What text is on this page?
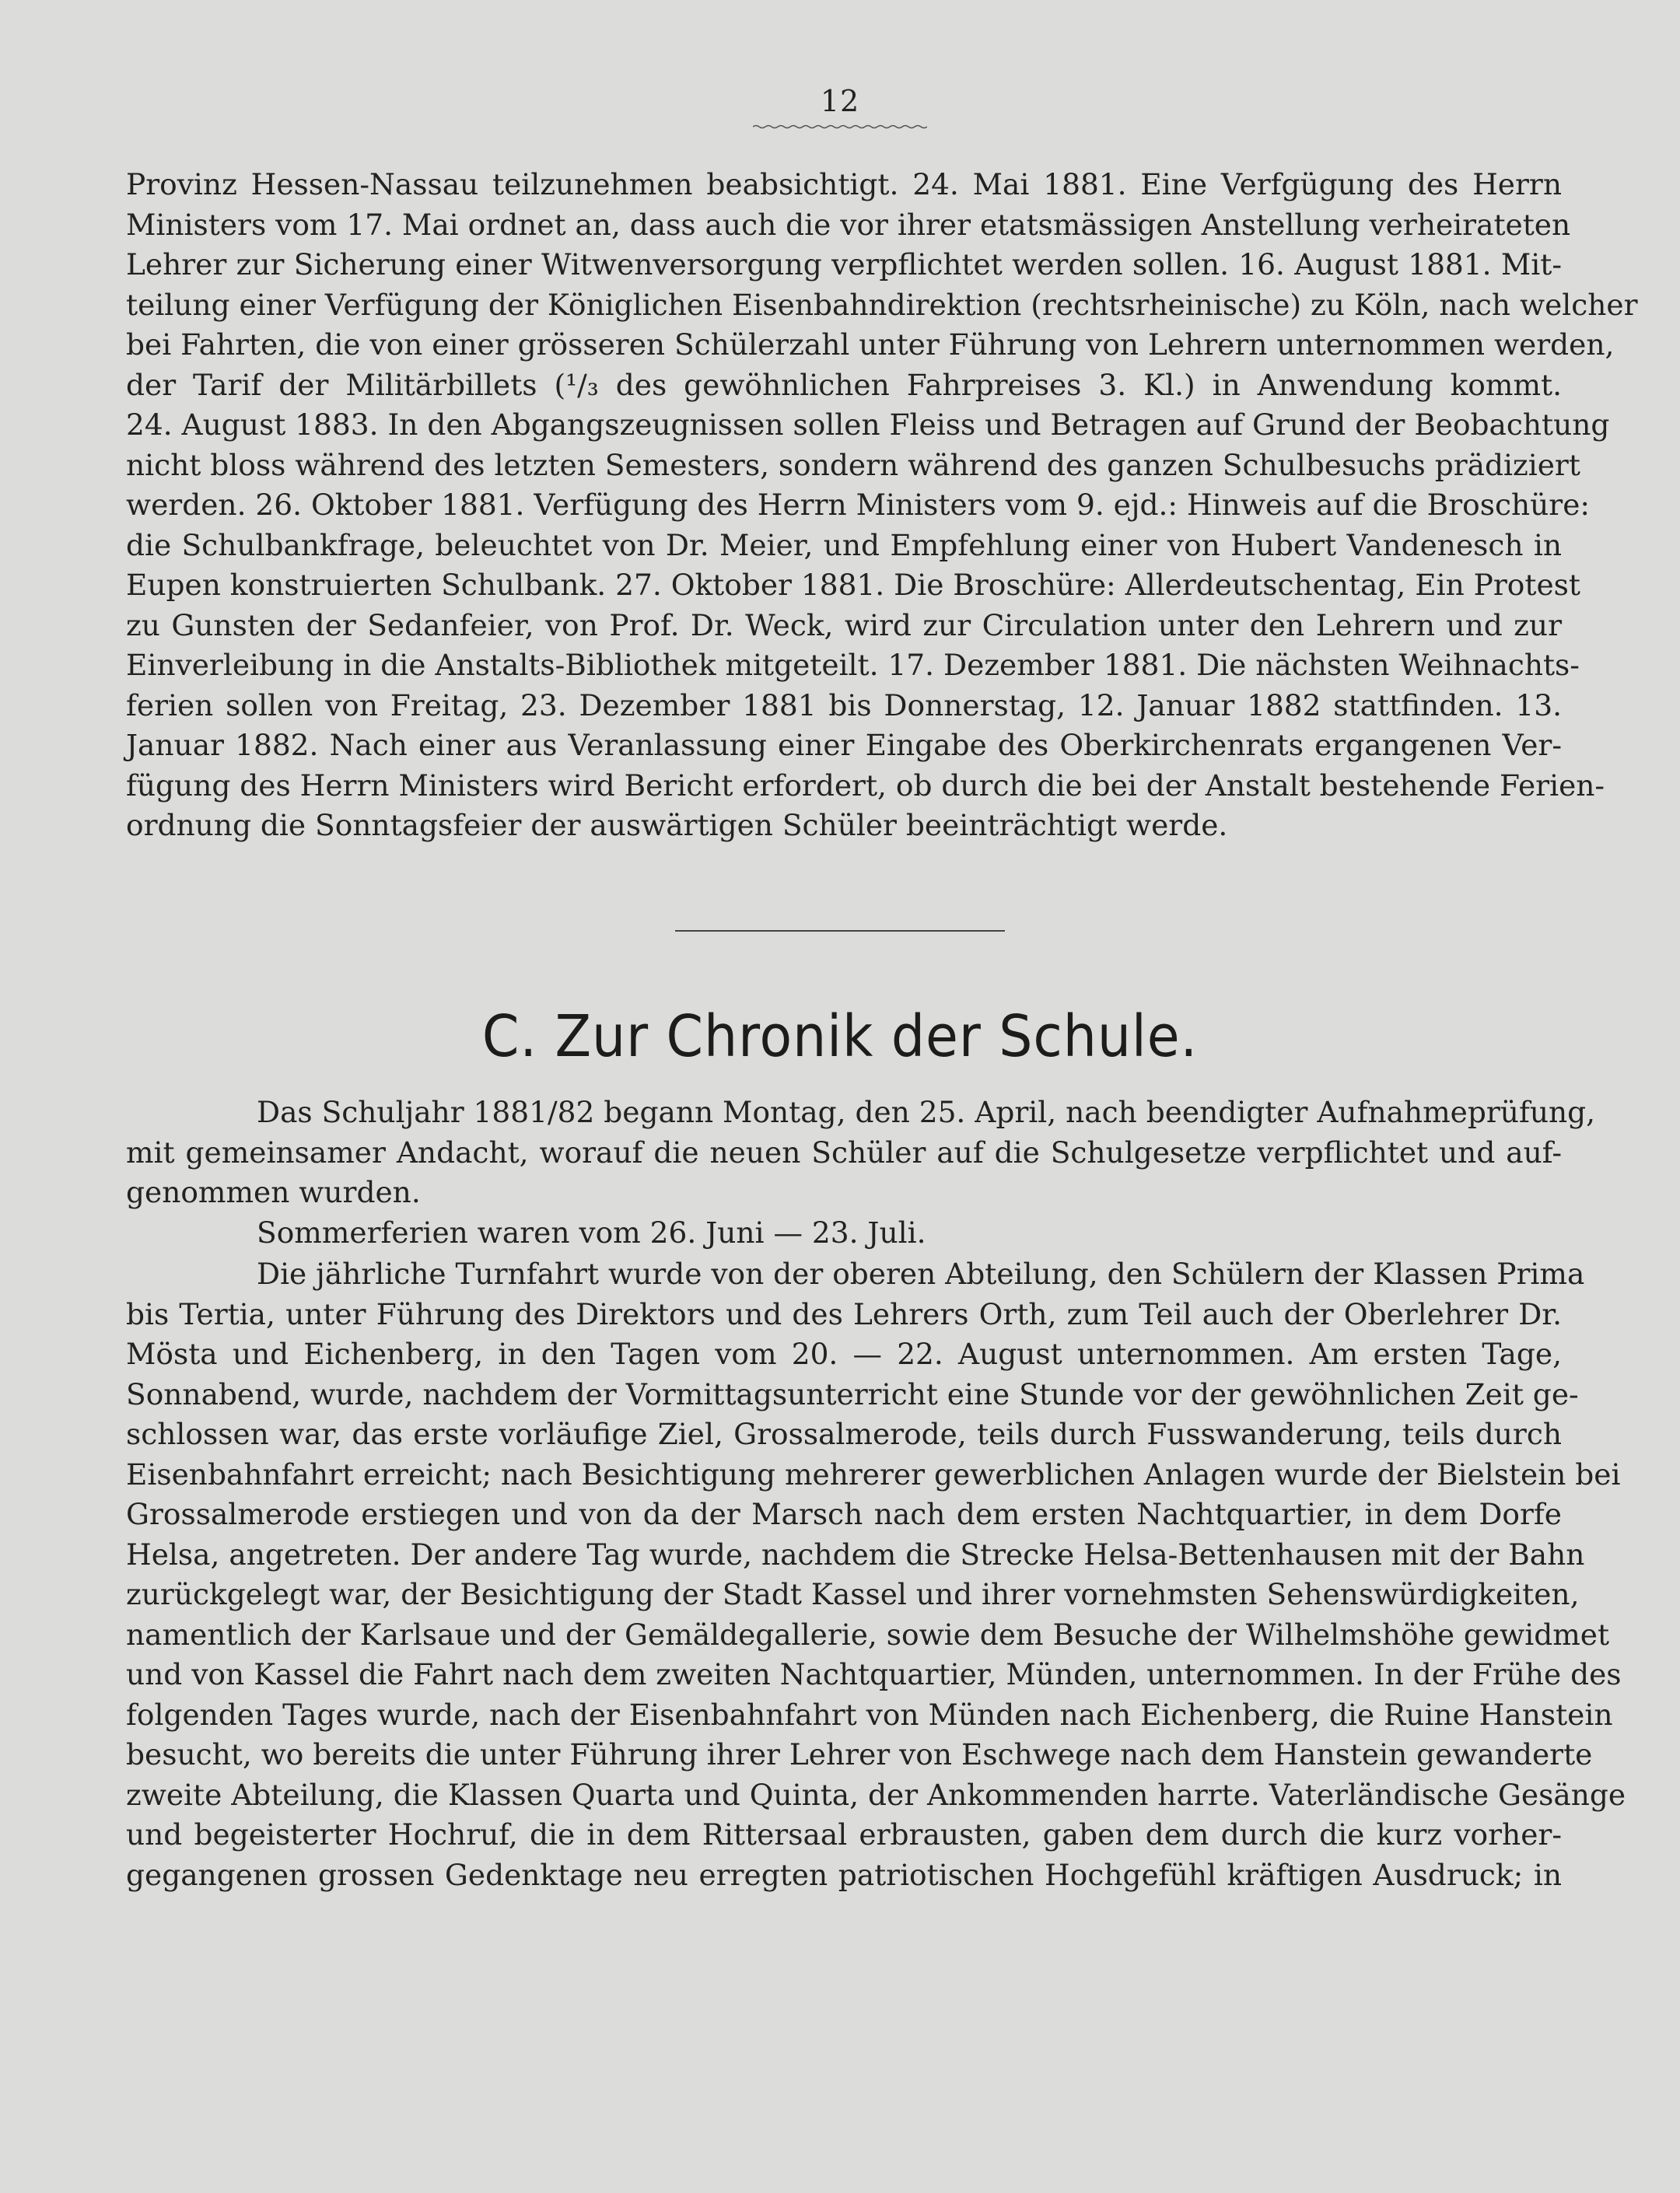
12
Provinz Hessen-Nassau teilzunehmen beabsichtigt. 24. Mai 1881. Eine Verfgügung des Herrn
Ministers vom 17. Mai ordnet an, dass auch die vor ihrer etatsmässigen Anstellung verheirateten
Lehrer zur Sicherung einer Witwenversorgung verpflichtet werden sollen. 16. August 1881. Mit-
teilung einer Verfügung der Königlichen Eisenbahndirektion (rechtsrheinische) zu Köln, nach welcher
bei Fahrten, die von einer grösseren Schülerzahl unter Führung von Lehrern unternommen werden,
der Tarif der Militärbillets (¹/₃ des gewöhnlichen Fahrpreises 3. Kl.) in Anwendung kommt.
24. August 1883. In den Abgangszeugnissen sollen Fleiss und Betragen auf Grund der Beobachtung
nicht bloss während des letzten Semesters, sondern während des ganzen Schulbesuchs prädiziert
werden. 26. Oktober 1881. Verfügung des Herrn Ministers vom 9. ejd.: Hinweis auf die Broschüre:
die Schulbankfrage, beleuchtet von Dr. Meier, und Empfehlung einer von Hubert Vandenesch in
Eupen konstruierten Schulbank. 27. Oktober 1881. Die Broschüre: Allerdeutschentag, Ein Protest
zu Gunsten der Sedanfeier, von Prof. Dr. Weck, wird zur Circulation unter den Lehrern und zur
Einverleibung in die Anstalts-Bibliothek mitgeteilt. 17. Dezember 1881. Die nächsten Weihnachts-
ferien sollen von Freitag, 23. Dezember 1881 bis Donnerstag, 12. Januar 1882 stattfinden. 13.
Januar 1882. Nach einer aus Veranlassung einer Eingabe des Oberkirchenrats ergangenen Ver-
fügung des Herrn Ministers wird Bericht erfordert, ob durch die bei der Anstalt bestehende Ferien-
ordnung die Sonntagsfeier der auswärtigen Schüler beeinträchtigt werde.
C. Zur Chronik der Schule.
Das Schuljahr 1881/82 begann Montag, den 25. April, nach beendigter Aufnahmeprüfung,
mit gemeinsamer Andacht, worauf die neuen Schüler auf die Schulgesetze verpflichtet und auf-
genommen wurden.
Sommerferien waren vom 26. Juni — 23. Juli.
Die jährliche Turnfahrt wurde von der oberen Abteilung, den Schülern der Klassen Prima
bis Tertia, unter Führung des Direktors und des Lehrers Orth, zum Teil auch der Oberlehrer Dr.
Mösta und Eichenberg, in den Tagen vom 20. — 22. August unternommen. Am ersten Tage,
Sonnabend, wurde, nachdem der Vormittagsunterricht eine Stunde vor der gewöhnlichen Zeit ge-
schlossen war, das erste vorläufige Ziel, Grossalmerode, teils durch Fusswanderung, teils durch
Eisenbahnfahrt erreicht; nach Besichtigung mehrerer gewerblichen Anlagen wurde der Bielstein bei
Grossalmerode erstiegen und von da der Marsch nach dem ersten Nachtquartier, in dem Dorfe
Helsa, angetreten. Der andere Tag wurde, nachdem die Strecke Helsa-Bettenhausen mit der Bahn
zurückgelegt war, der Besichtigung der Stadt Kassel und ihrer vornehmsten Sehenswürdigkeiten,
namentlich der Karlsaue und der Gemäldegallerie, sowie dem Besuche der Wilhelmshöhe gewidmet
und von Kassel die Fahrt nach dem zweiten Nachtquartier, Münden, unternommen. In der Frühe des
folgenden Tages wurde, nach der Eisenbahnfahrt von Münden nach Eichenberg, die Ruine Hanstein
besucht, wo bereits die unter Führung ihrer Lehrer von Eschwege nach dem Hanstein gewanderte
zweite Abteilung, die Klassen Quarta und Quinta, der Ankommenden harrte. Vaterländische Gesänge
und begeisterter Hochruf, die in dem Rittersaal erbrausten, gaben dem durch die kurz vorher-
gegangenen grossen Gedenktage neu erregten patriotischen Hochgefühl kräftigen Ausdruck; in
